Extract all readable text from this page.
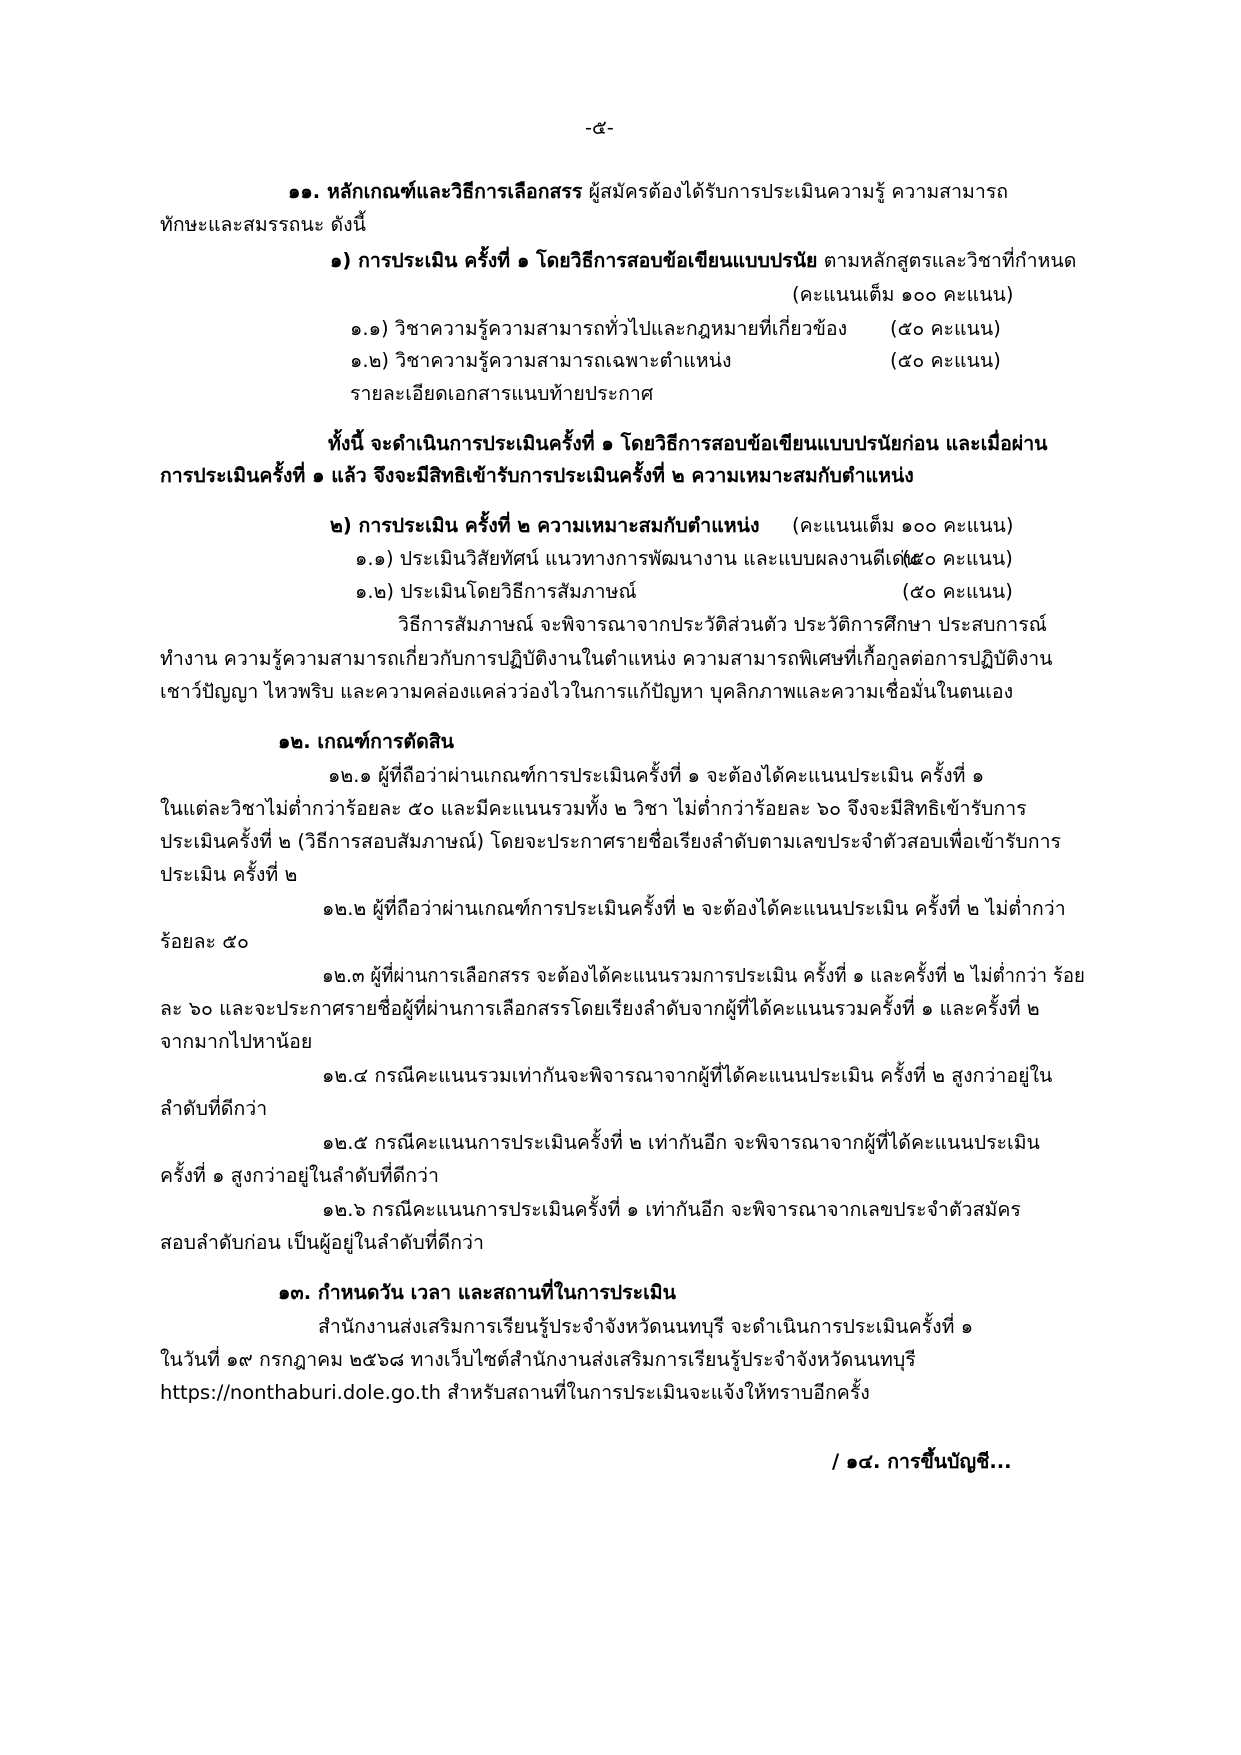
-๕-
๑๑. หลักเกณฑ์และวิธีการเลือกสรร ผู้สมัครต้องได้รับการประเมินความรู้ ความสามารถ
ทักษะและสมรรถนะ ดังนี้
๑) การประเมิน ครั้งที่ ๑ โดยวิธีการสอบข้อเขียนแบบปรนัย ตามหลักสูตรและวิชาที่กำหนด
(คะแนนเต็ม ๑๐๐ คะแนน)
๑.๑) วิชาความรู้ความสามารถทั่วไปและกฎหมายที่เกี่ยวข้อง (๕๐ คะแนน)
๑.๒) วิชาความรู้ความสามารถเฉพาะตำแหน่ง	(๕๐ คะแนน)
รายละเอียดเอกสารแนบท้ายประกาศ
ทั้งนี้ จะดำเนินการประเมินครั้งที่ ๑ โดยวิธีการสอบข้อเขียนแบบปรนัยก่อน และเมื่อผ่าน
การประเมินครั้งที่ ๑ แล้ว จึงจะมีสิทธิเข้ารับการประเมินครั้งที่ ๒ ความเหมาะสมกับตำแหน่ง
๒) การประเมิน ครั้งที่ ๒ ความเหมาะสมกับตำแหน่ง (คะแนนเต็ม ๑๐๐ คะแนน)
๑.๑) ประเมินวิสัยทัศน์ แนวทางการพัฒนางาน และแบบผลงานดีเด่น
(๕๐ คะแนน)
๑.๒) ประเมินโดยวิธีการสัมภาษณ์	(๕๐ คะแนน)
วิธีการสัมภาษณ์ จะพิจารณาจากประวัติส่วนตัว ประวัติการศึกษา ประสบการณ์
ทำงาน ความรู้ความสามารถเกี่ยวกับการปฏิบัติงานในตำแหน่ง ความสามารถพิเศษที่เกื้อกูลต่อการปฏิบัติงาน
เชาว์ปัญญา ไหวพริบ และความคล่องแคล่วว่องไวในการแก้ปัญหา บุคลิกภาพและความเชื่อมั่นในตนเอง
๑๒. เกณฑ์การตัดสิน
๑๒.๑ ผู้ที่ถือว่าผ่านเกณฑ์การประเมินครั้งที่ ๑ จะต้องได้คะแนนประเมิน ครั้งที่ ๑
ในแต่ละวิชาไม่ต่ำกว่าร้อยละ ๕๐ และมีคะแนนรวมทั้ง ๒ วิชา ไม่ต่ำกว่าร้อยละ ๖๐ จึงจะมีสิทธิเข้ารับการ
ประเมินครั้งที่ ๒ (วิธีการสอบสัมภาษณ์) โดยจะประกาศรายชื่อเรียงลำดับตามเลขประจำตัวสอบเพื่อเข้ารับการ
ประเมิน ครั้งที่ ๒
๑๒.๒ ผู้ที่ถือว่าผ่านเกณฑ์การประเมินครั้งที่ ๒ จะต้องได้คะแนนประเมิน ครั้งที่ ๒ ไม่ต่ำกว่า
ร้อยละ ๕๐
๑๒.๓ ผู้ที่ผ่านการเลือกสรร จะต้องได้คะแนนรวมการประเมิน ครั้งที่ ๑ และครั้งที่ ๒ ไม่ต่ำกว่า ร้อย
ละ ๖๐ และจะประกาศรายชื่อผู้ที่ผ่านการเลือกสรรโดยเรียงลำดับจากผู้ที่ได้คะแนนรวมครั้งที่ ๑ และครั้งที่ ๒
จากมากไปหาน้อย
๑๒.๔ กรณีคะแนนรวมเท่ากันจะพิจารณาจากผู้ที่ได้คะแนนประเมิน ครั้งที่ ๒ สูงกว่าอยู่ใน
ลำดับที่ดีกว่า
๑๒.๕ กรณีคะแนนการประเมินครั้งที่ ๒ เท่ากันอีก จะพิจารณาจากผู้ที่ได้คะแนนประเมิน
ครั้งที่ ๑ สูงกว่าอยู่ในลำดับที่ดีกว่า
๑๒.๖ กรณีคะแนนการประเมินครั้งที่ ๑ เท่ากันอีก จะพิจารณาจากเลขประจำตัวสมัคร
สอบลำดับก่อน เป็นผู้อยู่ในลำดับที่ดีกว่า
๑๓. กำหนดวัน เวลา และสถานที่ในการประเมิน
สำนักงานส่งเสริมการเรียนรู้ประจำจังหวัดนนทบุรี จะดำเนินการประเมินครั้งที่ ๑
ในวันที่ ๑๙ กรกฎาคม ๒๕๖๘ ทางเว็บไซต์สำนักงานส่งเสริมการเรียนรู้ประจำจังหวัดนนทบุรี
https://nonthaburi.dole.go.th สำหรับสถานที่ในการประเมินจะแจ้งให้ทราบอีกครั้ง
/ ๑๔. การขึ้นบัญชี...
